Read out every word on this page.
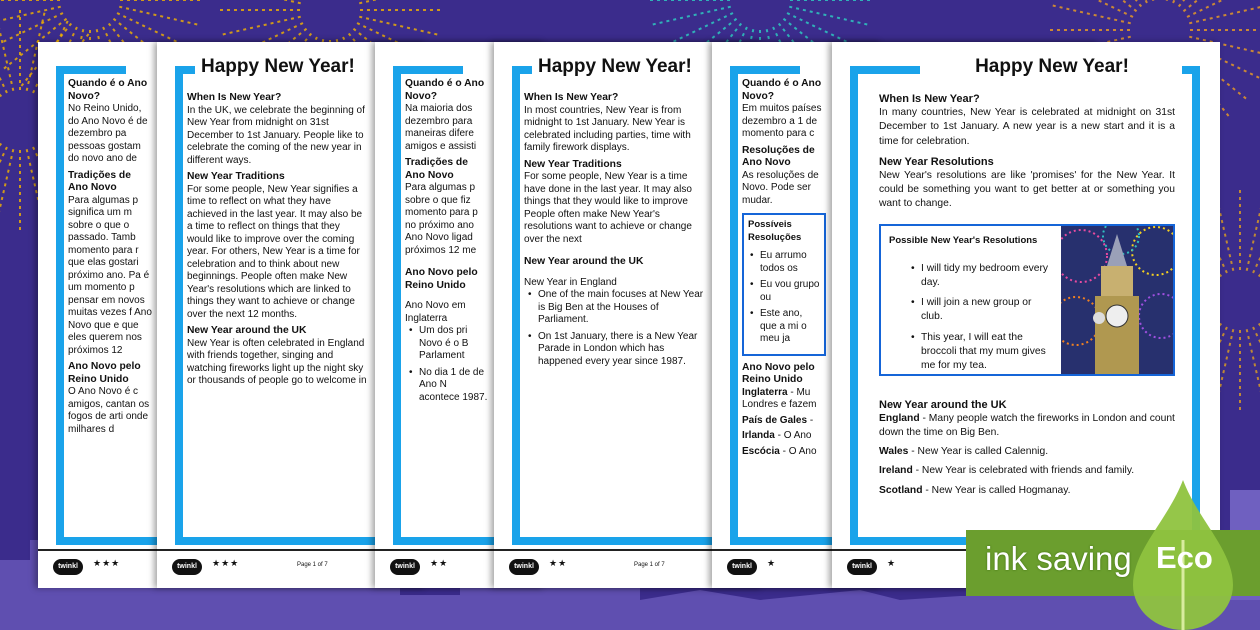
Quando é o Ano Novo?
No Reino Unido, do Ano Novo é de dezembro pa pessoas gostam do novo ano de
Tradições de Ano Novo
Para algumas p significa um m sobre o que o passado. Tamb momento para r que elas gostari próximo ano. Pa é um momento p pensar em novos muitas vezes f Ano Novo que e que eles querem nos próximos 12
Ano Novo pelo Reino Unido
O Ano Novo é c amigos, cantan os fogos de arti onde milhares d
twinkl	★★★
Happy New Year!
When Is New Year?
In the UK, we celebrate the beginning of New Year from midnight on 31st December to 1st January. People like to celebrate the coming of the new year in different ways.
New Year Traditions
For some people, New Year signifies a time to reflect on what they have achieved in the last year. It may also be a time to reflect on things that they would like to improve over the coming year. For others, New Year is a time for celebration and to think about new beginnings. People often make New Year's resolutions which are linked to things they want to achieve or change over the next 12 months.
New Year around the UK
New Year is often celebrated in England with friends together, singing and watching fireworks light up the night sky or thousands of people go to welcome in
twinkl	★★★	Page 1 of 7
Quando é o Ano Novo?
Na maioria dos dezembro para maneiras difere amigos e assisti
Tradições de Ano Novo
Para algumas p sobre o que fiz momento para p no próximo ano Ano Novo ligad próximos 12 me
Ano Novo pelo Reino Unido
Ano Novo em Inglaterra
• Um dos pri Novo é o B Parlament
• No dia 1 de de Ano N acontece 1987.
twinkl	★★
Happy New Year!
When Is New Year?
In most countries, New Year is from midnight to 1st January. New Year is celebrated including parties, time with family firework displays.
New Year Traditions
For some people, New Year is a time have done in the last year. It may also things that they would like to improve People often make New Year's resolutions want to achieve or change over the next
New Year around the UK
New Year in England
• One of the main focuses at New Year is Big Ben at the Houses of Parliament.
• On 1st January, there is a New Year Parade in London which has happened every year since 1987.
twinkl	★★	Page 1 of 7
Quando é o Ano Novo?
Em muitos países dezembro a 1 de momento para c
Resoluções de Ano Novo
As resoluções de Novo. Pode ser mudar.
Possíveis Resoluções
• Eu arrumo todos os
• Eu vou grupo ou
• Este ano, que a mi o meu ja
Ano Novo pelo Reino Unido
Inglaterra - Mu Londres e fazem
País de Gales -
Irlanda - O Ano
Escócia - O Ano
twinkl	★
Happy New Year!
When Is New Year?
In many countries, New Year is celebrated at midnight on 31st December to 1st January. A new year is a new start and it is a time for celebration.
New Year Resolutions
New Year's resolutions are like 'promises' for the New Year. It could be something you want to get better at or something you want to change.
Possible New Year's Resolutions
• I will tidy my bedroom every day.
• I will join a new group or club.
• This year, I will eat the broccoli that my mum gives me for my tea.
New Year around the UK
England - Many people watch the fireworks in London and count down the time on Big Ben.
Wales - New Year is called Calennig.
Ireland - New Year is celebrated with friends and family.
Scotland - New Year is called Hogmanay.
twinkl	★	ink saving Eco
